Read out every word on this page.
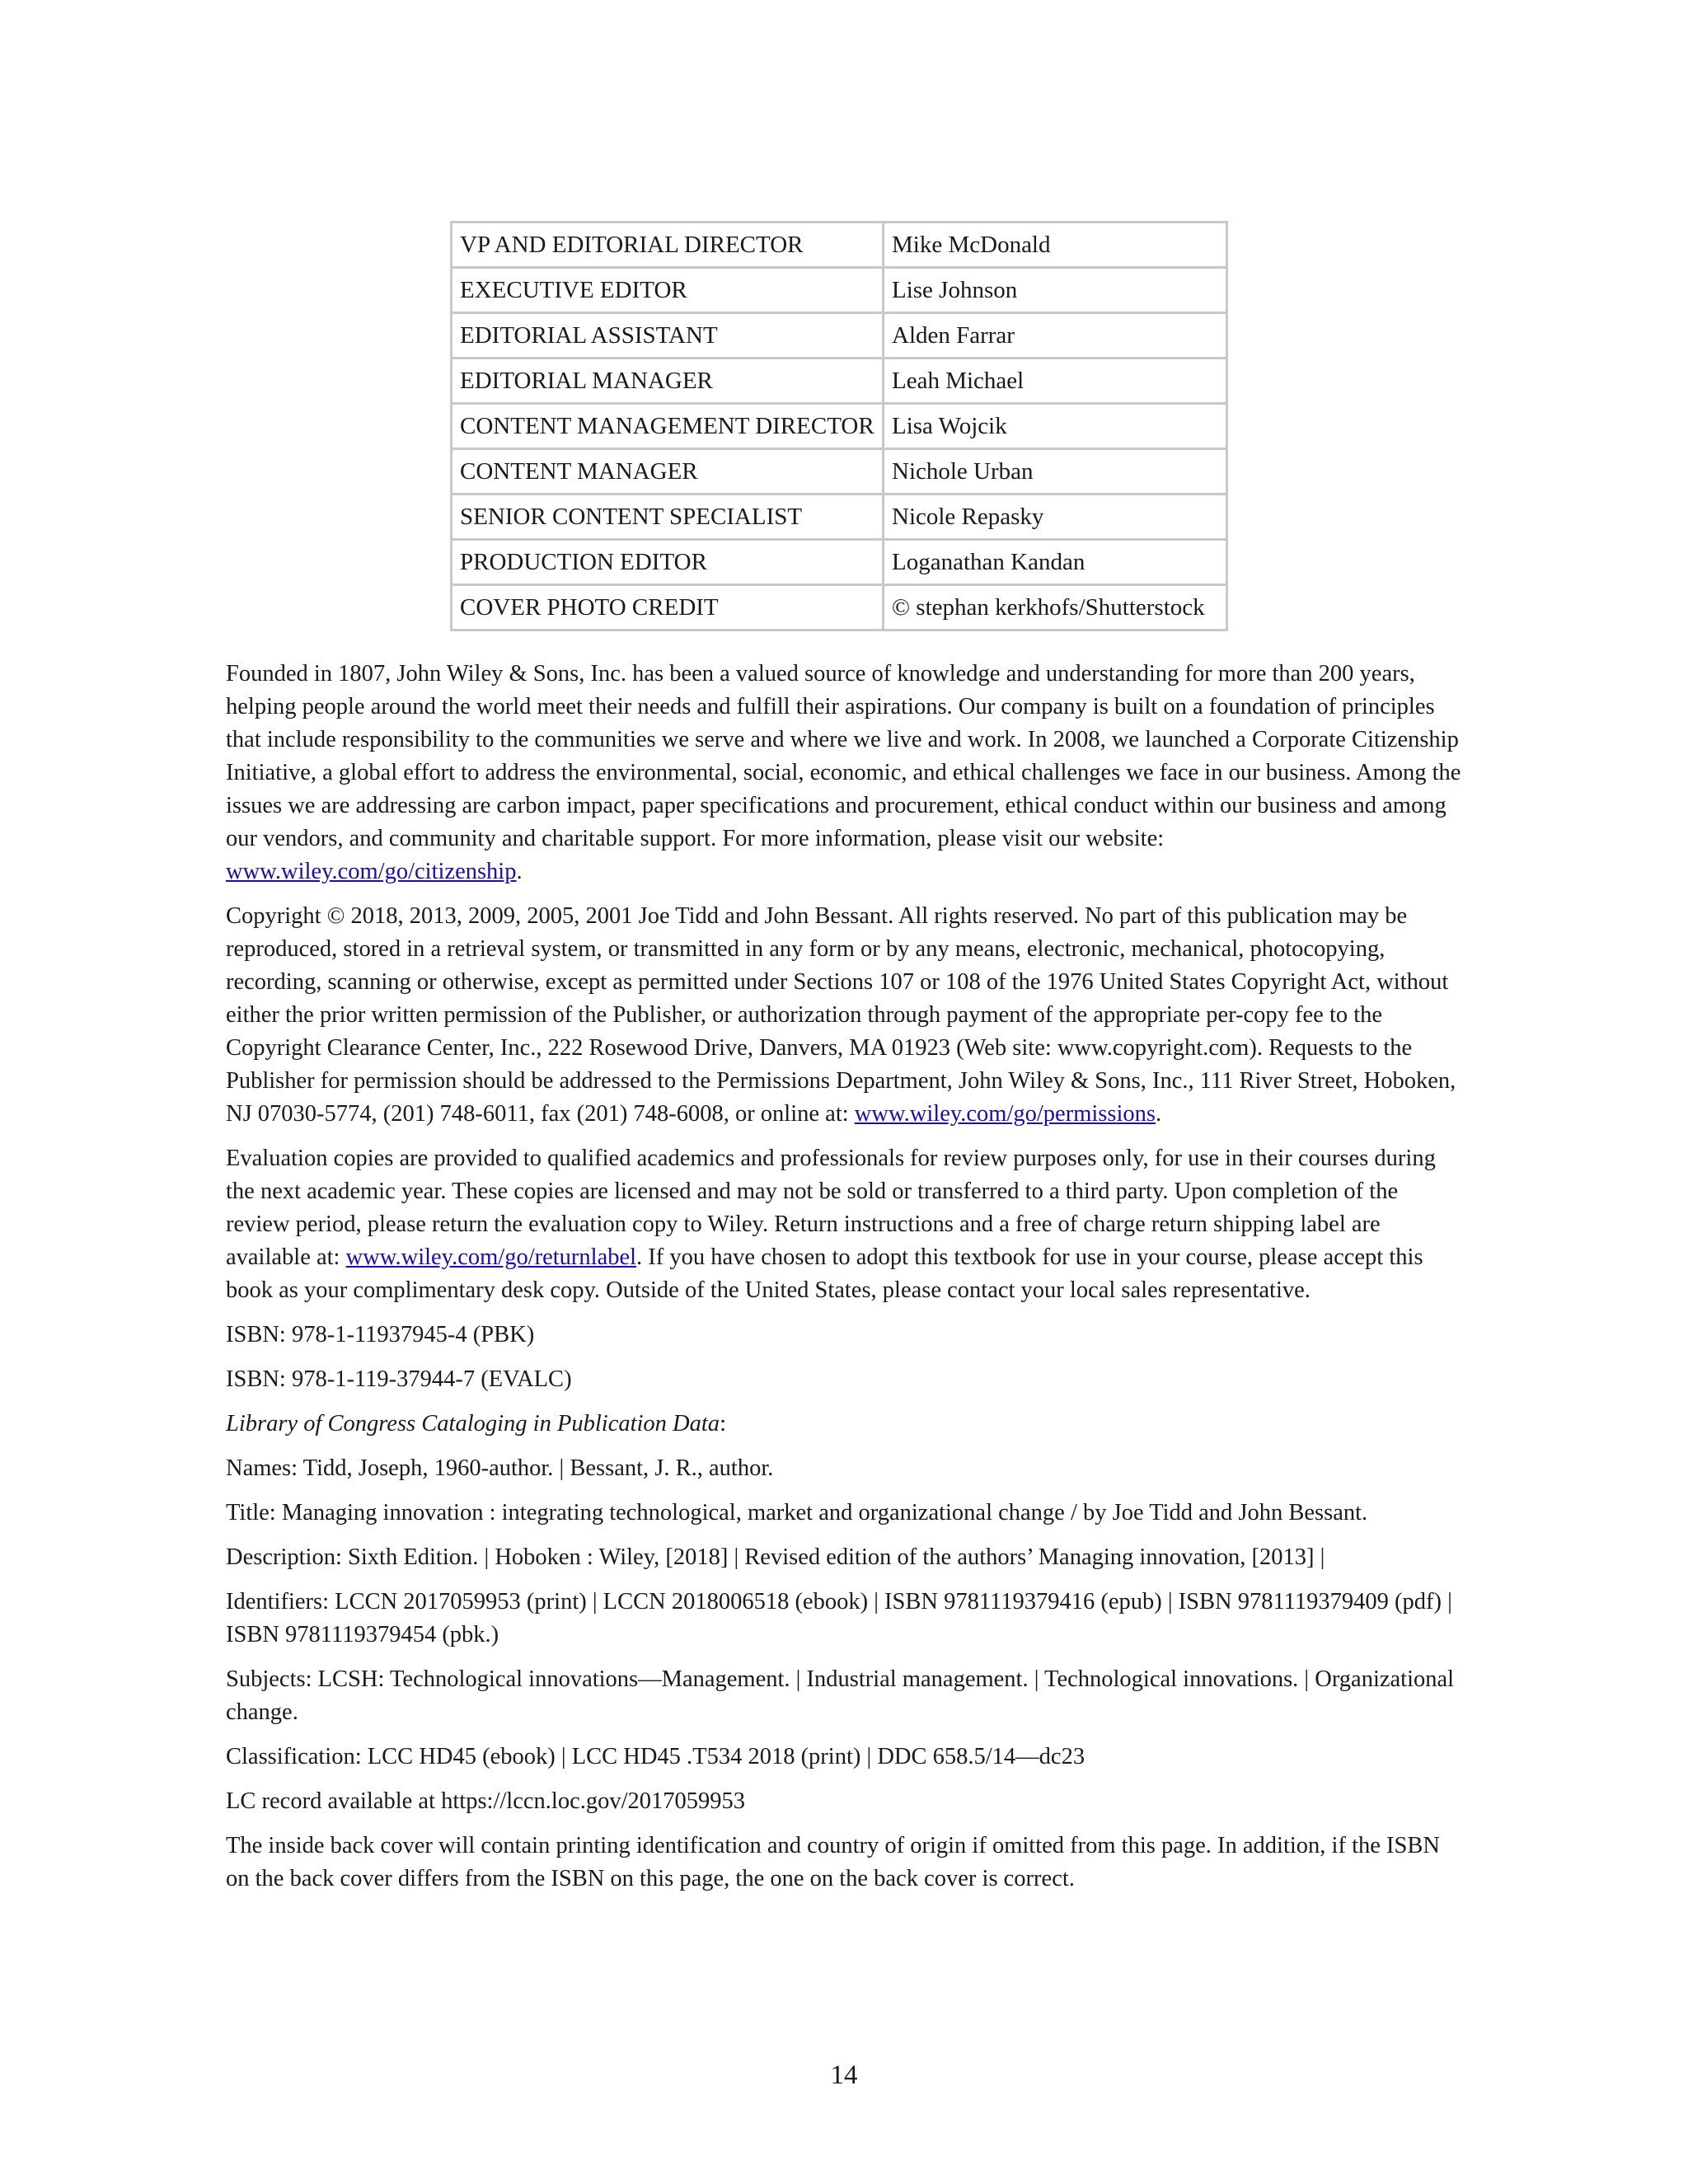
VP AND EDITORIAL DIRECTOR	Mike McDonald
EXECUTIVE EDITOR	Lise Johnson
EDITORIAL ASSISTANT	Alden Farrar
EDITORIAL MANAGER	Leah Michael
CONTENT MANAGEMENT DIRECTOR	Lisa Wojcik
CONTENT MANAGER	Nichole Urban
SENIOR CONTENT SPECIALIST	Nicole Repasky
PRODUCTION EDITOR	Loganathan Kandan
COVER PHOTO CREDIT	© stephan kerkhofs/Shutterstock

Founded in 1807, John Wiley & Sons, Inc. has been a valued source of knowledge and understanding for more than 200 years, helping people around the world meet their needs and fulfill their aspirations. Our company is built on a foundation of principles that include responsibility to the communities we serve and where we live and work. In 2008, we launched a Corporate Citizenship Initiative, a global effort to address the environmental, social, economic, and ethical challenges we face in our business. Among the issues we are addressing are carbon impact, paper specifications and procurement, ethical conduct within our business and among our vendors, and community and charitable support. For more information, please visit our website: www.wiley.com/go/citizenship.

Copyright © 2018, 2013, 2009, 2005, 2001 Joe Tidd and John Bessant. All rights reserved. No part of this publication may be reproduced, stored in a retrieval system, or transmitted in any form or by any means, electronic, mechanical, photocopying, recording, scanning or otherwise, except as permitted under Sections 107 or 108 of the 1976 United States Copyright Act, without either the prior written permission of the Publisher, or authorization through payment of the appropriate per-copy fee to the Copyright Clearance Center, Inc., 222 Rosewood Drive, Danvers, MA 01923 (Web site: www.copyright.com). Requests to the Publisher for permission should be addressed to the Permissions Department, John Wiley & Sons, Inc., 111 River Street, Hoboken, NJ 07030-5774, (201) 748-6011, fax (201) 748-6008, or online at: www.wiley.com/go/permissions.

Evaluation copies are provided to qualified academics and professionals for review purposes only, for use in their courses during the next academic year. These copies are licensed and may not be sold or transferred to a third party. Upon completion of the review period, please return the evaluation copy to Wiley. Return instructions and a free of charge return shipping label are available at: www.wiley.com/go/returnlabel. If you have chosen to adopt this textbook for use in your course, please accept this book as your complimentary desk copy. Outside of the United States, please contact your local sales representative.

ISBN: 978-1-11937945-4 (PBK)

ISBN: 978-1-119-37944-7 (EVALC)

Library of Congress Cataloging in Publication Data:

Names: Tidd, Joseph, 1960-author. | Bessant, J. R., author.

Title: Managing innovation : integrating technological, market and organizational change / by Joe Tidd and John Bessant.

Description: Sixth Edition. | Hoboken : Wiley, [2018] | Revised edition of the authors’ Managing innovation, [2013] |

Identifiers: LCCN 2017059953 (print) | LCCN 2018006518 (ebook) | ISBN 9781119379416 (epub) | ISBN 9781119379409 (pdf) | ISBN 9781119379454 (pbk.)

Subjects: LCSH: Technological innovations—Management. | Industrial management. | Technological innovations. | Organizational change.

Classification: LCC HD45 (ebook) | LCC HD45 .T534 2018 (print) | DDC 658.5/14—dc23

LC record available at https://lccn.loc.gov/2017059953

The inside back cover will contain printing identification and country of origin if omitted from this page. In addition, if the ISBN on the back cover differs from the ISBN on this page, the one on the back cover is correct.

14
